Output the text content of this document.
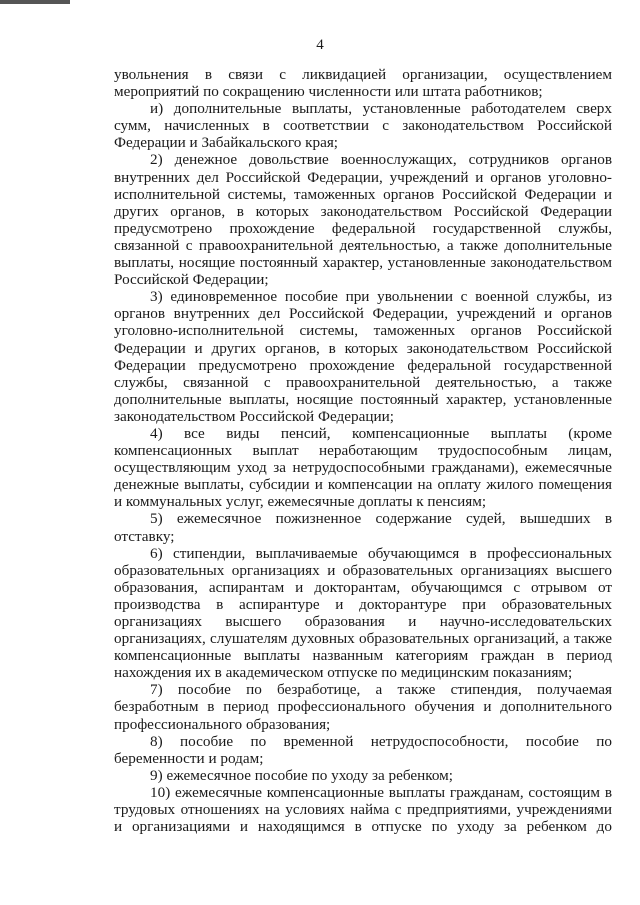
4

увольнения в связи с ликвидацией организации, осуществлением мероприятий по сокращению численности или штата работников;

и) дополнительные выплаты, установленные работодателем сверх сумм, начисленных в соответствии с законодательством Российской Федерации и Забайкальского края;

2) денежное довольствие военнослужащих, сотрудников органов внутренних дел Российской Федерации, учреждений и органов уголовно-исполнительной системы, таможенных органов Российской Федерации и других органов, в которых законодательством Российской Федерации предусмотрено прохождение федеральной государственной службы, связанной с правоохранительной деятельностью, а также дополнительные выплаты, носящие постоянный характер, установленные законодательством Российской Федерации;

3) единовременное пособие при увольнении с военной службы, из органов внутренних дел Российской Федерации, учреждений и органов уголовно-исполнительной системы, таможенных органов Российской Федерации и других органов, в которых законодательством Российской Федерации предусмотрено прохождение федеральной государственной службы, связанной с правоохранительной деятельностью, а также дополнительные выплаты, носящие постоянный характер, установленные законодательством Российской Федерации;

4) все виды пенсий, компенсационные выплаты (кроме компенсационных выплат неработающим трудоспособным лицам, осуществляющим уход за нетрудоспособными гражданами), ежемесячные денежные выплаты, субсидии и компенсации на оплату жилого помещения и коммунальных услуг, ежемесячные доплаты к пенсиям;

5) ежемесячное пожизненное содержание судей, вышедших в отставку;

6) стипендии, выплачиваемые обучающимся в профессиональных образовательных организациях и образовательных организациях высшего образования, аспирантам и докторантам, обучающимся с отрывом от производства в аспирантуре и докторантуре при образовательных организациях высшего образования и научно-исследовательских организациях, слушателям духовных образовательных организаций, а также компенсационные выплаты названным категориям граждан в период нахождения их в академическом отпуске по медицинским показаниям;

7) пособие по безработице, а также стипендия, получаемая безработным в период профессионального обучения и дополнительного профессионального образования;

8) пособие по временной нетрудоспособности, пособие по беременности и родам;

9) ежемесячное пособие по уходу за ребенком;

10) ежемесячные компенсационные выплаты гражданам, состоящим в трудовых отношениях на условиях найма с предприятиями, учреждениями и организациями и находящимся в отпуске по уходу за ребенком до
